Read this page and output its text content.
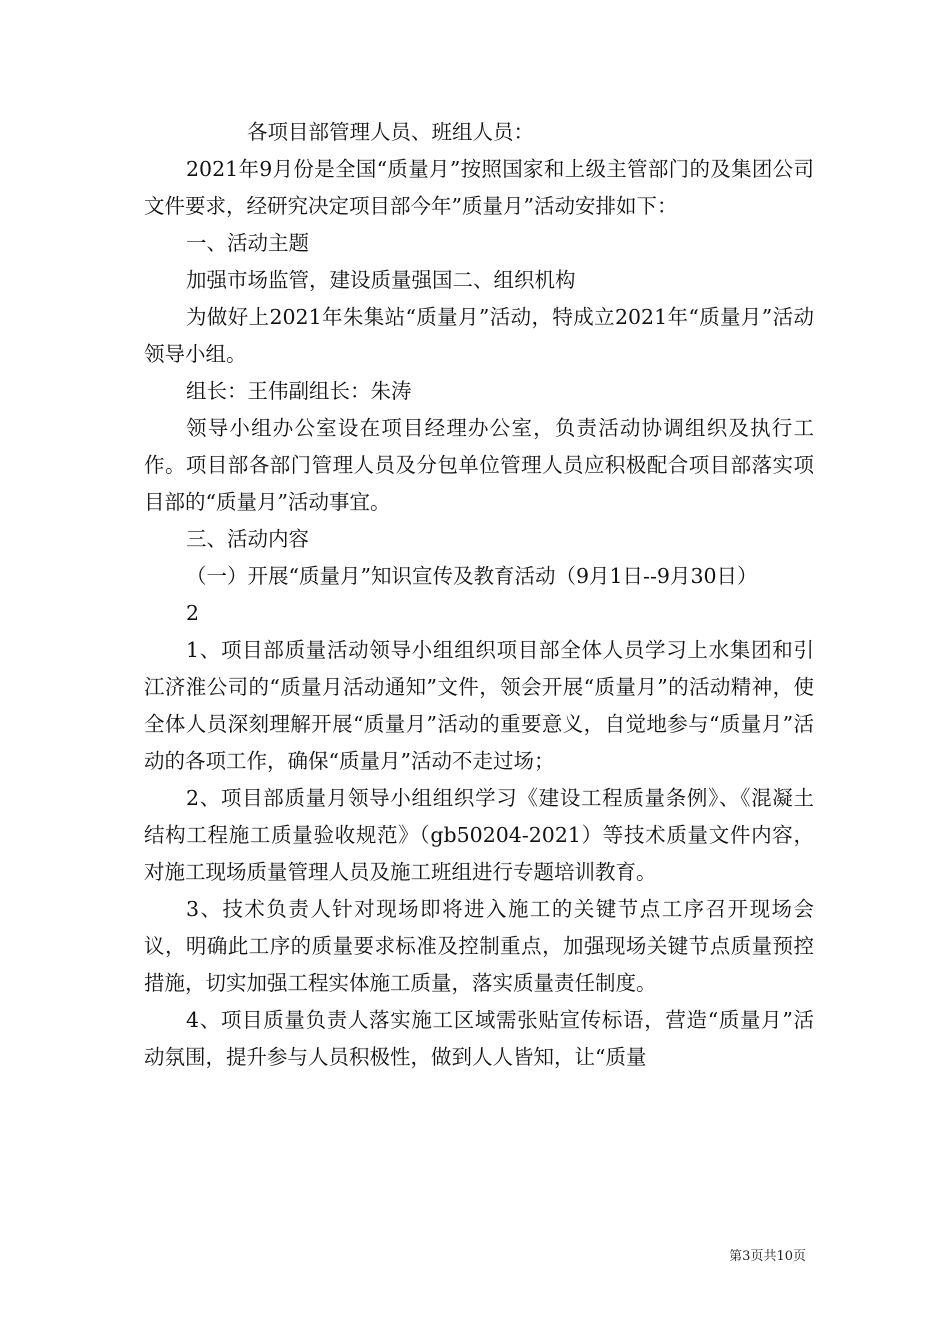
各项目部管理人员、班组人员：

2021年9月份是全国“质量月”按照国家和上级主管部门的及集团公司文件要求，经研究决定项目部今年”质量月”活动安排如下：

一、活动主题

加强市场监管，建设质量强国二、组织机构

为做好上2021年朱集站“质量月”活动，特成立2021年“质量月”活动领导小组。

组长：王伟副组长：朱涛

领导小组办公室设在项目经理办公室，负责活动协调组织及执行工作。项目部各部门管理人员及分包单位管理人员应积极配合项目部落实项目部的“质量月”活动事宜。

三、活动内容

（一）开展“质量月”知识宣传及教育活动（9月1日--9月30日）

2

1、项目部质量活动领导小组组织项目部全体人员学习上水集团和引江济淮公司的“质量月活动通知”文件，领会开展“质量月”的活动精神，使全体人员深刻理解开展“质量月”活动的重要意义，自觉地参与“质量月”活动的各项工作，确保“质量月”活动不走过场；

2、项目部质量月领导小组组织学习《建设工程质量条例》、《混凝土结构工程施工质量验收规范》（gb50204-2021）等技术质量文件内容，对施工现场质量管理人员及施工班组进行专题培训教育。

3、技术负责人针对现场即将进入施工的关键节点工序召开现场会议，明确此工序的质量要求标准及控制重点，加强现场关键节点质量预控措施，切实加强工程实体施工质量，落实质量责任制度。

4、项目质量负责人落实施工区域需张贴宣传标语，营造“质量月”活动氛围，提升参与人员积极性，做到人人皆知，让“质量

第3页共10页
